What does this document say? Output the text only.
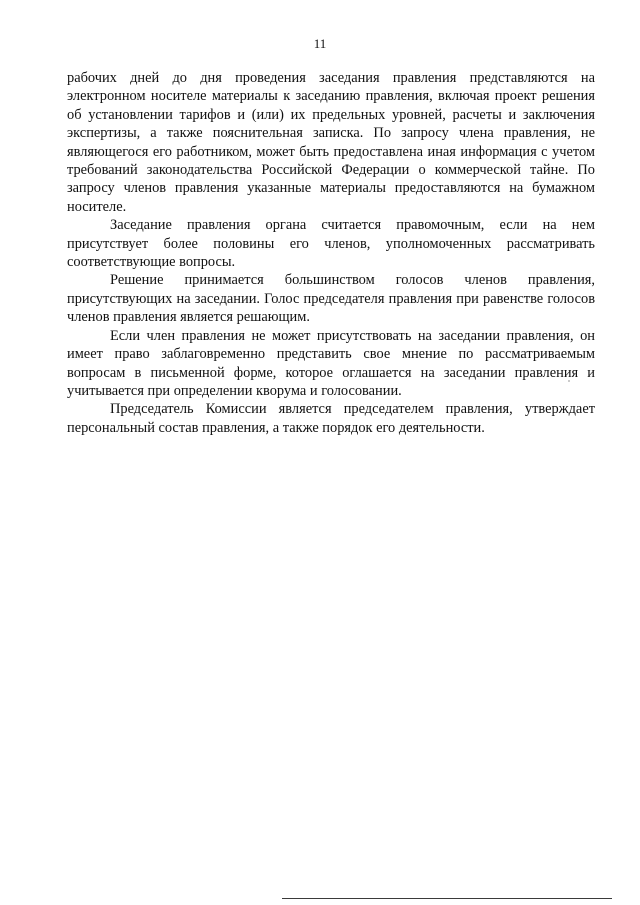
11

рабочих дней до дня проведения заседания правления представляются на электронном носителе материалы к заседанию правления, включая проект решения об установлении тарифов и (или) их предельных уровней, расчеты и заключения экспертизы, а также пояснительная записка. По запросу члена правления, не являющегося его работником, может быть предоставлена иная информация с учетом требований законодательства Российской Федерации о коммерческой тайне. По запросу членов правления указанные материалы предоставляются на бумажном носителе.

Заседание правления органа считается правомочным, если на нем присутствует более половины его членов, уполномоченных рассматривать соответствующие вопросы.

Решение принимается большинством голосов членов правления, присутствующих на заседании. Голос председателя правления при равенстве голосов членов правления является решающим.

Если член правления не может присутствовать на заседании правления, он имеет право заблаговременно представить свое мнение по рассматриваемым вопросам в письменной форме, которое оглашается на заседании правления и учитывается при определении кворума и голосовании.

Председатель Комиссии является председателем правления, утверждает персональный состав правления, а также порядок его деятельности.
